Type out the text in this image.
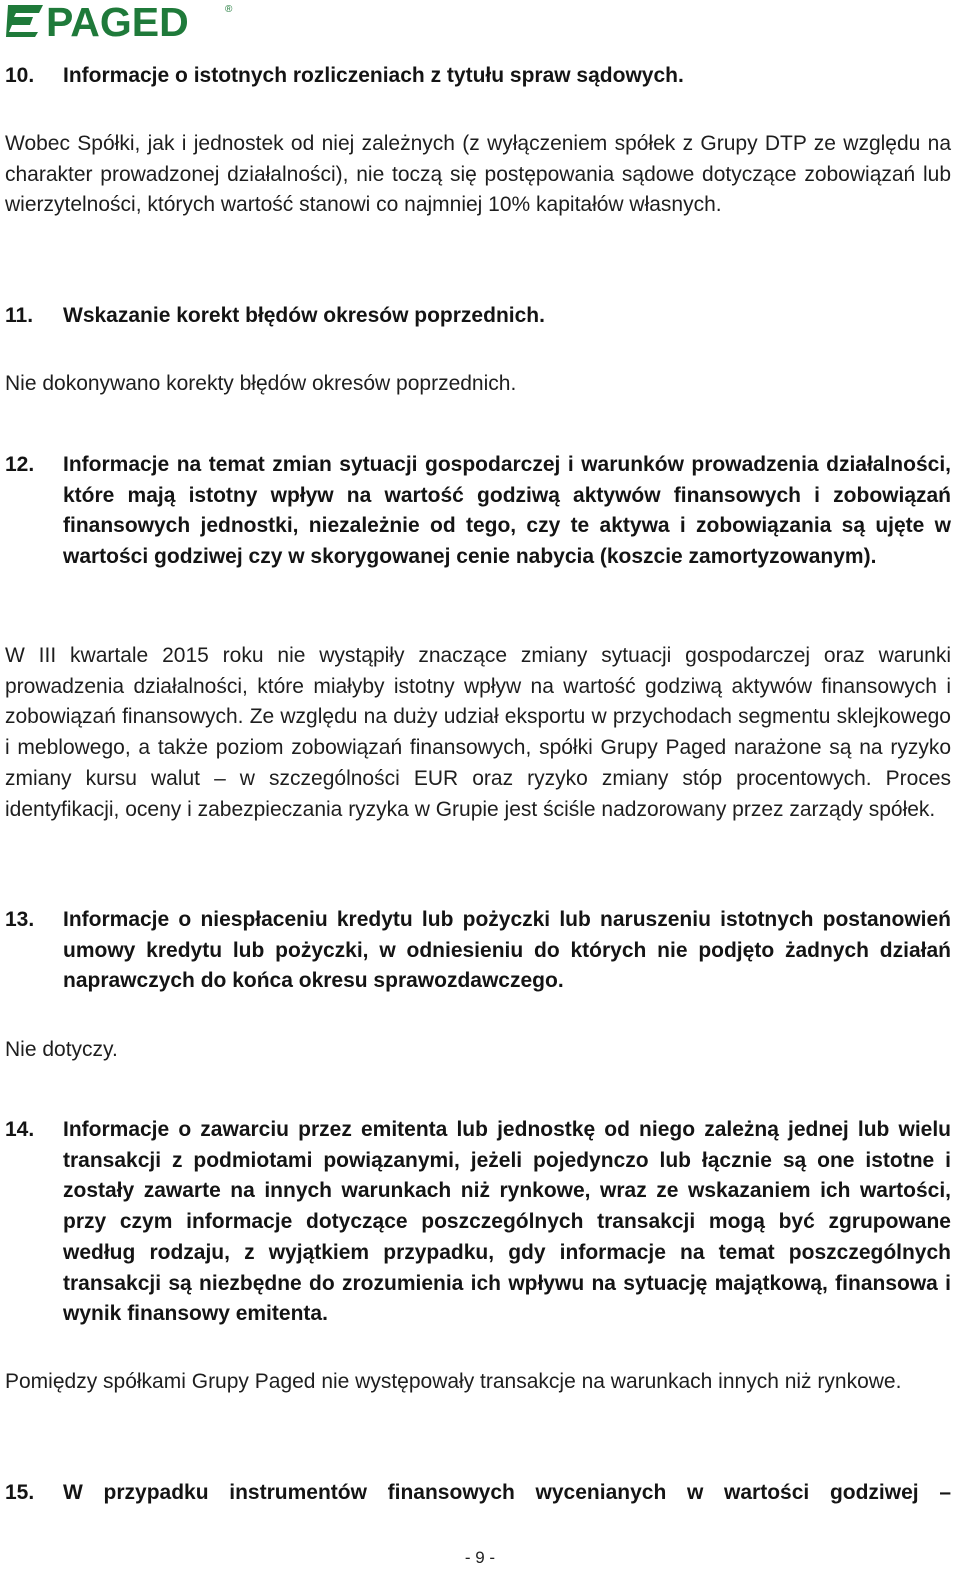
PAGED	®
10. Informacje o istotnych rozliczeniach z tytułu spraw sądowych.
Wobec Spółki, jak i jednostek od niej zależnych (z wyłączeniem spółek z Grupy DTP ze względu na charakter prowadzonej działalności), nie toczą się postępowania sądowe dotyczące zobowiązań lub wierzytelności, których wartość stanowi co najmniej 10% kapitałów własnych.
11. Wskazanie korekt błędów okresów poprzednich.
Nie dokonywano korekty błędów okresów poprzednich.
12. Informacje na temat zmian sytuacji gospodarczej i warunków prowadzenia działalności, które mają istotny wpływ na wartość godziwą aktywów finansowych i zobowiązań finansowych jednostki, niezależnie od tego, czy te aktywa i zobowiązania są ujęte w wartości godziwej czy w skorygowanej cenie nabycia (koszcie zamortyzowanym).
W III kwartale 2015 roku nie wystąpiły znaczące zmiany sytuacji gospodarczej oraz warunki prowadzenia działalności, które miałyby istotny wpływ na wartość godziwą aktywów finansowych i zobowiązań finansowych. Ze względu na duży udział eksportu w przychodach segmentu sklejkowego i meblowego, a także poziom zobowiązań finansowych, spółki Grupy Paged narażone są na ryzyko zmiany kursu walut – w szczególności EUR oraz ryzyko zmiany stóp procentowych. Proces identyfikacji, oceny i zabezpieczania ryzyka w Grupie jest ściśle nadzorowany przez zarządy spółek.
13. Informacje o niespłaceniu kredytu lub pożyczki lub naruszeniu istotnych postanowień umowy kredytu lub pożyczki, w odniesieniu do których nie podjęto żadnych działań naprawczych do końca okresu sprawozdawczego.
Nie dotyczy.
14. Informacje o zawarciu przez emitenta lub jednostkę od niego zależną jednej lub wielu transakcji z podmiotami powiązanymi, jeżeli pojedynczo lub łącznie są one istotne i zostały zawarte na innych warunkach niż rynkowe, wraz ze wskazaniem ich wartości, przy czym informacje dotyczące poszczególnych transakcji mogą być zgrupowane według rodzaju, z wyjątkiem przypadku, gdy informacje na temat poszczególnych transakcji są niezbędne do zrozumienia ich wpływu na sytuację majątkową, finansowa i wynik finansowy emitenta.
Pomiędzy spółkami Grupy Paged nie występowały transakcje na warunkach innych niż rynkowe.
15. W przypadku instrumentów finansowych wycenianych w wartości godziwej –
- 9 -
